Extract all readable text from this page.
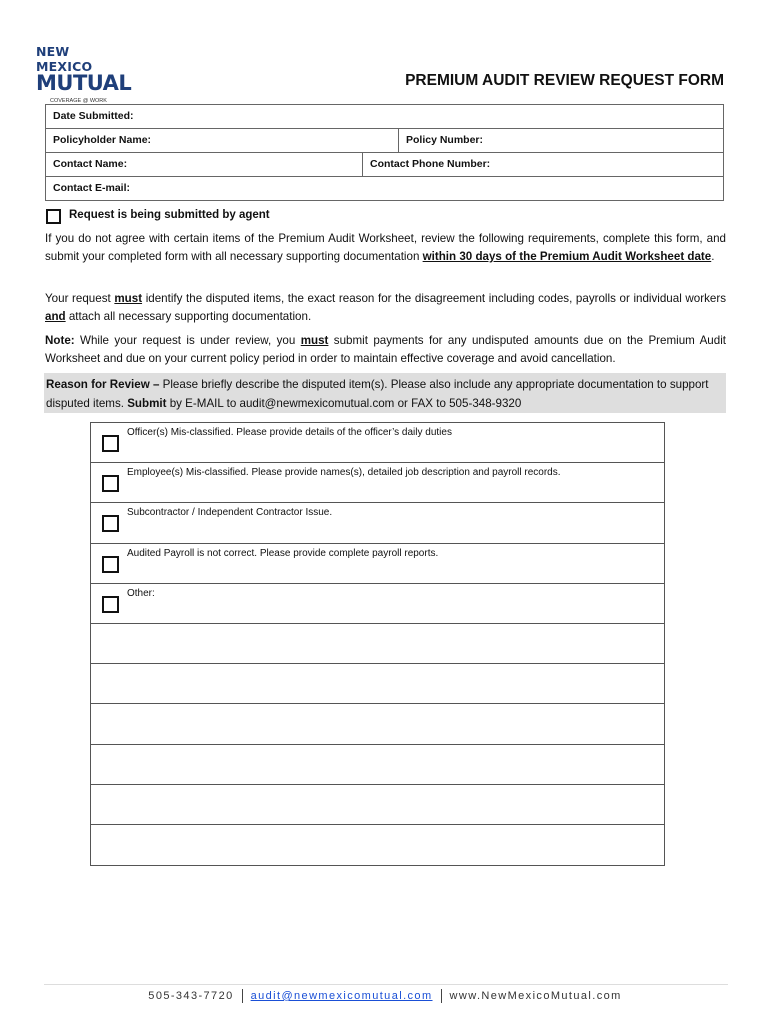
NEW MEXICO
MUTUAL
COVERAGE @ WORK
PREMIUM AUDIT REVIEW REQUEST FORM
Date Submitted:
Policyholder Name:	Policy Number:
Contact Name:	Contact Phone Number:
Contact E-mail:
Request is being submitted by agent
If you do not agree with certain items of the Premium Audit Worksheet, review the following requirements, complete this form, and submit your completed form with all necessary supporting documentation within 30 days of the Premium Audit Worksheet date.
Your request must identify the disputed items, the exact reason for the disagreement including codes, payrolls or individual workers and attach all necessary supporting documentation.
Note: While your request is under review, you must submit payments for any undisputed amounts due on the Premium Audit Worksheet and due on your current policy period in order to maintain effective coverage and avoid cancellation.
Reason for Review – Please briefly describe the disputed item(s). Please also include any appropriate documentation to support disputed items. Submit by E-MAIL to audit@newmexicomutual.com or FAX to 505-348-9320
Officer(s) Mis-classified. Please provide details of the officer’s daily duties
Employee(s) Mis-classified. Please provide names(s), detailed job description and payroll records.
Subcontractor / Independent Contractor Issue.
Audited Payroll is not correct. Please provide complete payroll reports.
Other:
505-343-7720 audit@newmexicomutual.com www.NewMexicoMutual.com
